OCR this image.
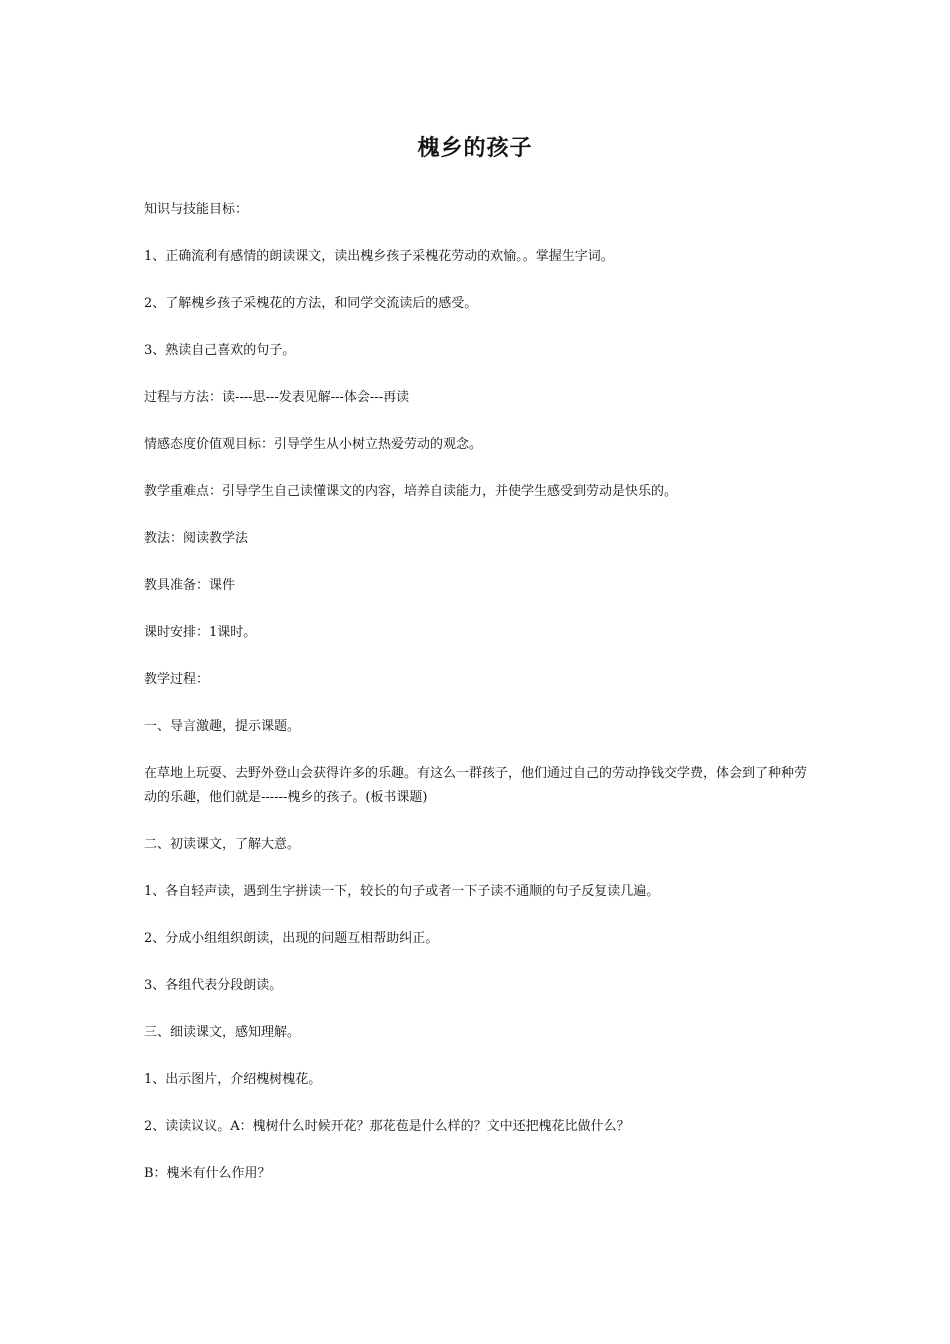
槐乡的孩子

知识与技能目标：

1、正确流利有感情的朗读课文，读出槐乡孩子采槐花劳动的欢愉。。掌握生字词。

2、了解槐乡孩子采槐花的方法，和同学交流读后的感受。

3、熟读自己喜欢的句子。

过程与方法：读----思---发表见解---体会---再读

情感态度价值观目标：引导学生从小树立热爱劳动的观念。

教学重难点：引导学生自己读懂课文的内容，培养自读能力，并使学生感受到劳动是快乐的。

教法：阅读教学法

教具准备：课件

课时安排：1课时。

教学过程：

一、导言激趣，提示课题。

在草地上玩耍、去野外登山会获得许多的乐趣。有这么一群孩子，他们通过自己的劳动挣钱交学费，体会到了种种劳动的乐趣，他们就是------槐乡的孩子。(板书课题)

二、初读课文，了解大意。

1、各自轻声读，遇到生字拼读一下，较长的句子或者一下子读不通顺的句子反复读几遍。

2、分成小组组织朗读，出现的问题互相帮助纠正。

3、各组代表分段朗读。

三、细读课文，感知理解。

1、出示图片，介绍槐树槐花。

2、读读议议。A：槐树什么时候开花？那花苞是什么样的？文中还把槐花比做什么？

B：槐米有什么作用？
